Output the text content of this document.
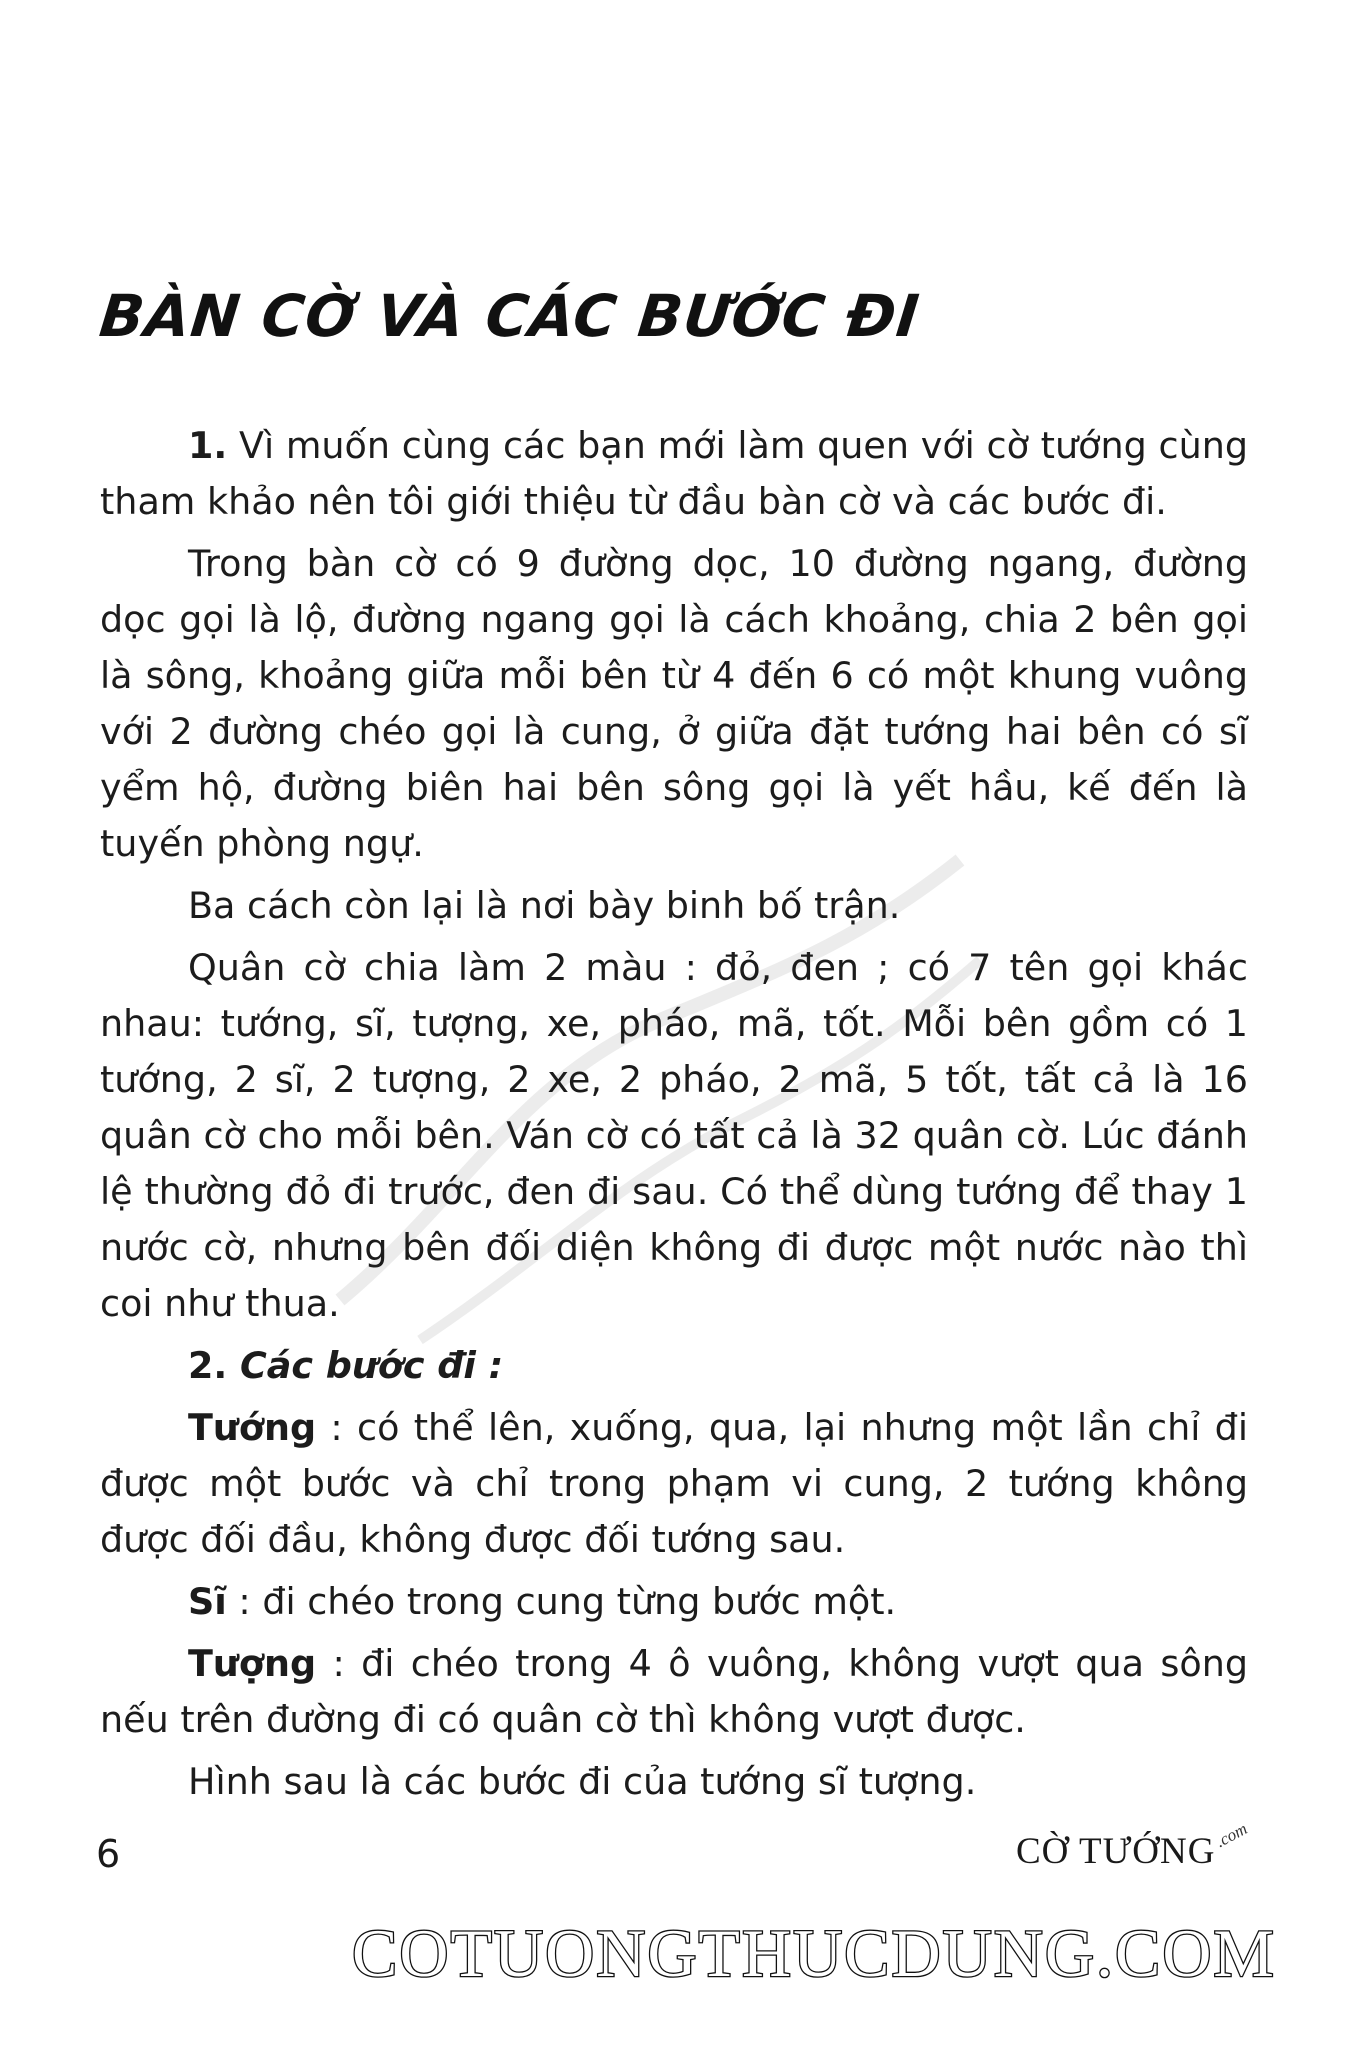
BÀN CỜ VÀ CÁC BƯỚC ĐI

1. Vì muốn cùng các bạn mới làm quen với cờ tướng cùng tham khảo nên tôi giới thiệu từ đầu bàn cờ và các bước đi.

Trong bàn cờ có 9 đường dọc, 10 đường ngang, đường dọc gọi là lộ, đường ngang gọi là cách khoảng, chia 2 bên gọi là sông, khoảng giữa mỗi bên từ 4 đến 6 có một khung vuông với 2 đường chéo gọi là cung, ở giữa đặt tướng hai bên có sĩ yểm hộ, đường biên hai bên sông gọi là yết hầu, kế đến là tuyến phòng ngự.

Ba cách còn lại là nơi bày binh bố trận.

Quân cờ chia làm 2 màu : đỏ, đen ; có 7 tên gọi khác nhau: tướng, sĩ, tượng, xe, pháo, mã, tốt. Mỗi bên gồm có 1 tướng, 2 sĩ, 2 tượng, 2 xe, 2 pháo, 2 mã, 5 tốt, tất cả là 16 quân cờ cho mỗi bên. Ván cờ có tất cả là 32 quân cờ. Lúc đánh lệ thường đỏ đi trước, đen đi sau. Có thể dùng tướng để thay 1 nước cờ, nhưng bên đối diện không đi được một nước nào thì coi như thua.

2. Các bước đi :

Tướng : có thể lên, xuống, qua, lại nhưng một lần chỉ đi được một bước và chỉ trong phạm vi cung, 2 tướng không được đối đầu, không được đối tướng sau.

Sĩ : đi chéo trong cung từng bước một.

Tượng : đi chéo trong 4 ô vuông, không vượt qua sông nếu trên đường đi có quân cờ thì không vượt được.

Hình sau là các bước đi của tướng sĩ tượng.

6	CỜ TƯỚNG
.com
COTUONGTHUCDUNG.COM
